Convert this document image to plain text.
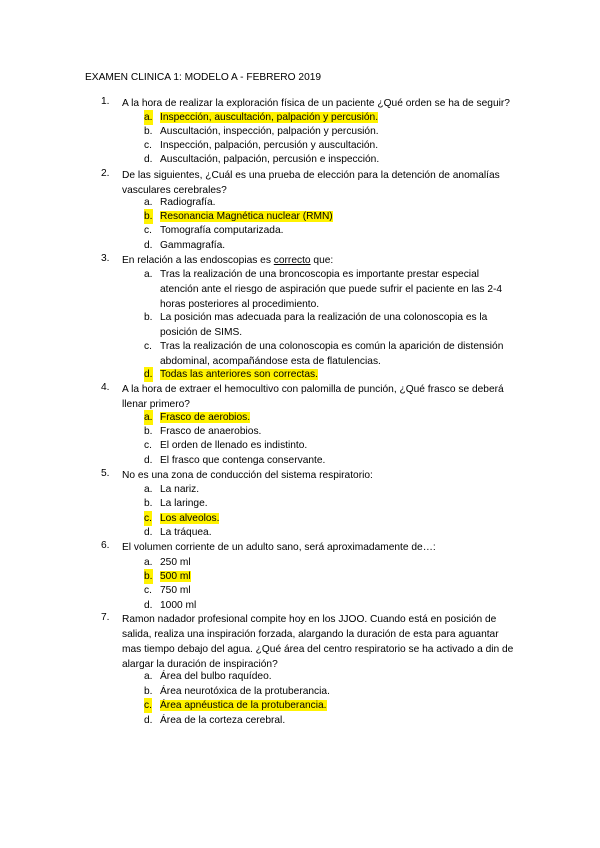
EXAMEN CLINICA 1: MODELO A - FEBRERO 2019
1. A la hora de realizar la exploración física de un paciente ¿Qué orden se ha de seguir?
a. Inspección, auscultación, palpación y percusión.
b. Auscultación, inspección, palpación y percusión.
c. Inspección, palpación, percusión y auscultación.
d. Auscultación, palpación, percusión e inspección.
2. De las siguientes, ¿Cuál es una prueba de elección para la detención de anomalías vasculares cerebrales?
a. Radiografía.
b. Resonancia Magnética nuclear (RMN)
c. Tomografía computarizada.
d. Gammagrafía.
3. En relación a las endoscopias es correcto que:
a. Tras la realización de una broncoscopia es importante prestar especial atención ante el riesgo de aspiración que puede sufrir el paciente en las 2-4 horas posteriores al procedimiento.
b. La posición mas adecuada para la realización de una colonoscopia es la posición de SIMS.
c. Tras la realización de una colonoscopia es común la aparición de distensión abdominal, acompañándose esta de flatulencias.
d. Todas las anteriores son correctas.
4. A la hora de extraer el hemocultivo con palomilla de punción, ¿Qué frasco se deberá llenar primero?
a. Frasco de aerobios.
b. Frasco de anaerobios.
c. El orden de llenado es indistinto.
d. El frasco que contenga conservante.
5. No es una zona de conducción del sistema respiratorio:
a. La nariz.
b. La laringe.
c. Los alveolos.
d. La tráquea.
6. El volumen corriente de un adulto sano, será aproximadamente de…:
a. 250 ml
b. 500 ml
c. 750 ml
d. 1000 ml
7. Ramon nadador profesional compite hoy en los JJOO. Cuando está en posición de salida, realiza una inspiración forzada, alargando la duración de esta para aguantar mas tiempo debajo del agua. ¿Qué área del centro respiratorio se ha activado a din de alargar la duración de inspiración?
a. Área del bulbo raquídeo.
b. Área neurotóxica de la protuberancia.
c. Área apnéustica de la protuberancia.
d. Área de la corteza cerebral.
